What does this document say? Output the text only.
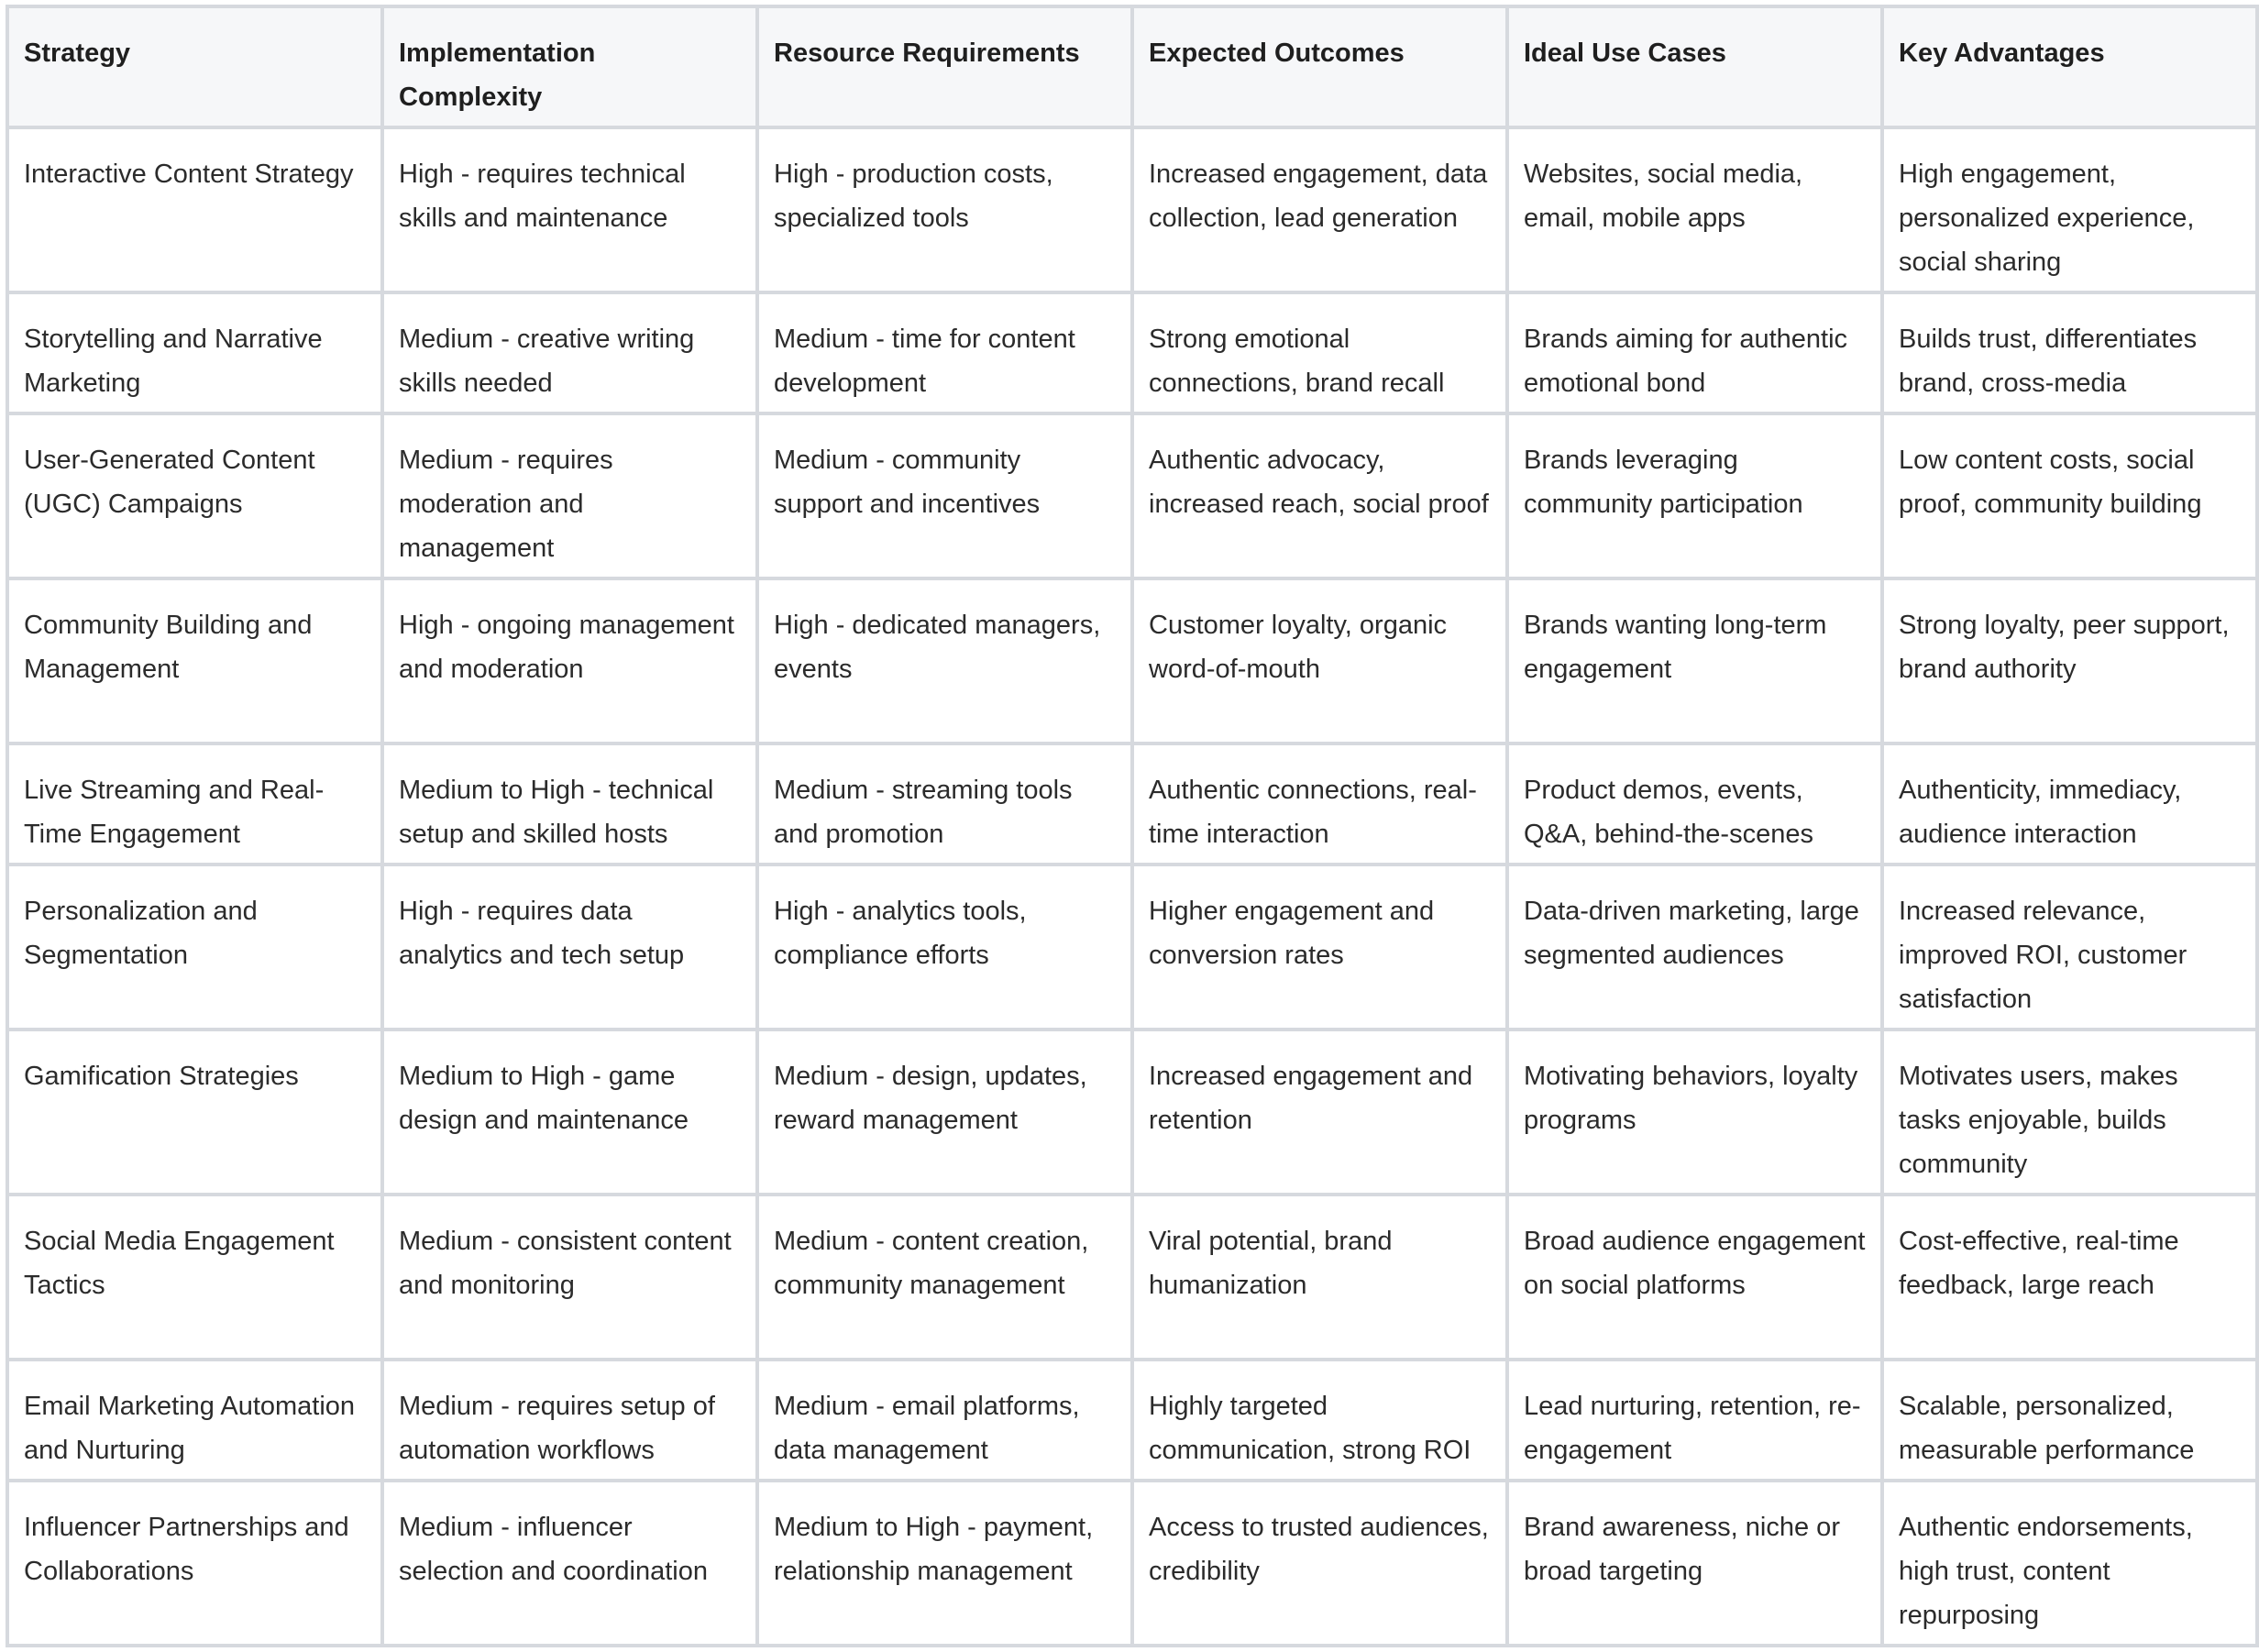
Strategy	Implementation Complexity	Resource Requirements	Expected Outcomes	Ideal Use Cases	Key Advantages
Interactive Content Strategy	High - requires technical skills and maintenance	High - production costs, specialized tools	Increased engagement, data collection, lead generation	Websites, social media, email, mobile apps	High engagement, personalized experience, social sharing
Storytelling and Narrative Marketing	Medium - creative writing skills needed	Medium - time for content development	Strong emotional connections, brand recall	Brands aiming for authentic emotional bond	Builds trust, differentiates brand, cross-media
User-Generated Content (UGC) Campaigns	Medium - requires moderation and management	Medium - community support and incentives	Authentic advocacy, increased reach, social proof	Brands leveraging community participation	Low content costs, social proof, community building
Community Building and Management	High - ongoing management and moderation	High - dedicated managers, events	Customer loyalty, organic word-of-mouth	Brands wanting long-term engagement	Strong loyalty, peer support, brand authority
Live Streaming and Real-Time Engagement	Medium to High - technical setup and skilled hosts	Medium - streaming tools and promotion	Authentic connections, real-time interaction	Product demos, events, Q&A, behind-the-scenes	Authenticity, immediacy, audience interaction
Personalization and Segmentation	High - requires data analytics and tech setup	High - analytics tools, compliance efforts	Higher engagement and conversion rates	Data-driven marketing, large segmented audiences	Increased relevance, improved ROI, customer satisfaction
Gamification Strategies	Medium to High - game design and maintenance	Medium - design, updates, reward management	Increased engagement and retention	Motivating behaviors, loyalty programs	Motivates users, makes tasks enjoyable, builds community
Social Media Engagement Tactics	Medium - consistent content and monitoring	Medium - content creation, community management	Viral potential, brand humanization	Broad audience engagement on social platforms	Cost-effective, real-time feedback, large reach
Email Marketing Automation and Nurturing	Medium - requires setup of automation workflows	Medium - email platforms, data management	Highly targeted communication, strong ROI	Lead nurturing, retention, re-engagement	Scalable, personalized, measurable performance
Influencer Partnerships and Collaborations	Medium - influencer selection and coordination	Medium to High - payment, relationship management	Access to trusted audiences, credibility	Brand awareness, niche or broad targeting	Authentic endorsements, high trust, content repurposing
